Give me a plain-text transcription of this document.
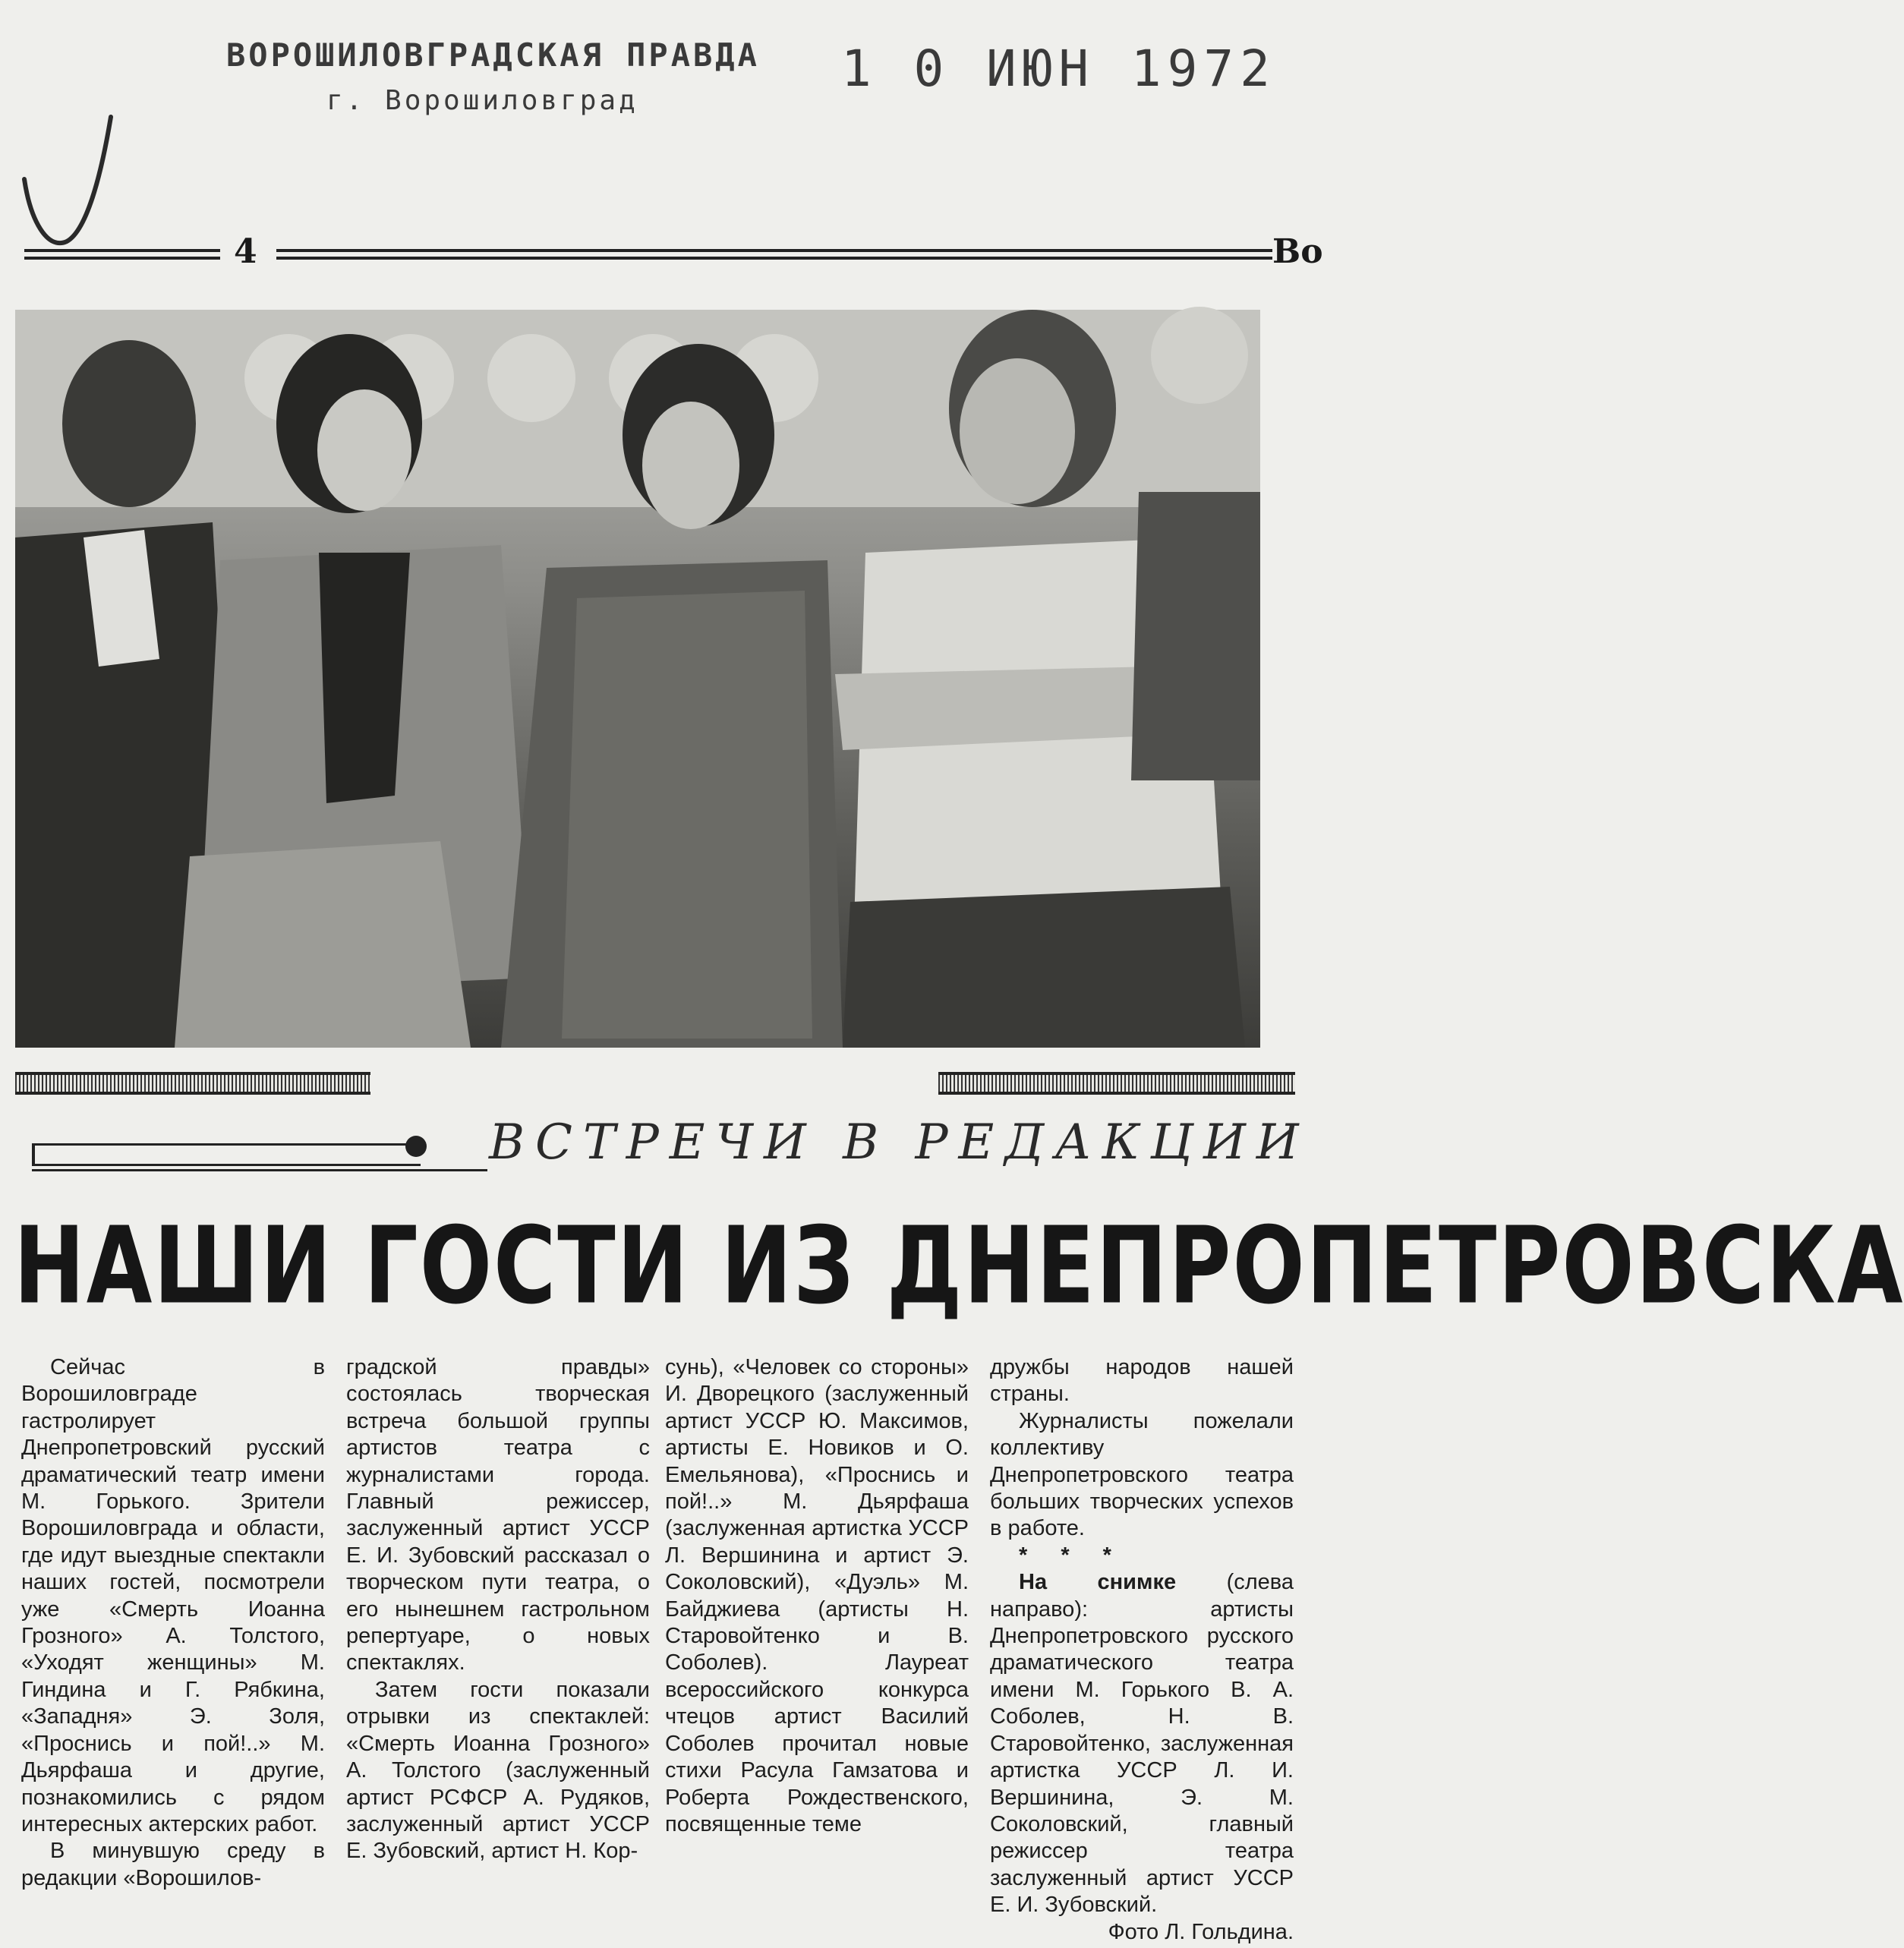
ВОРОШИЛОВГРАДСКАЯ ПРАВДА
г. Ворошиловград
1 0 ИЮН 1972
4	Во
ВСТРЕЧИ В РЕДАКЦИИ
НАШИ ГОСТИ ИЗ ДНЕПРОПЕТРОВСКА

Сейчас в Ворошиловграде гастролирует Днепропетровский русский драматический театр имени М. Горького. Зрители Ворошиловграда и области, где идут выездные спектакли наших гостей, посмотрели уже «Смерть Иоанна Грозного» А. Толстого, «Уходят женщины» М. Гиндина и Г. Рябкина, «Западня» Э. Золя, «Проснись и пой!..» М. Дьярфаша и другие, познакомились с рядом интересных актерских работ.

В минувшую среду в редакции «Ворошилов-

градской правды» состоялась творческая встреча большой группы артистов театра с журналистами города. Главный режиссер, заслуженный артист УССР Е. И. Зубовский рассказал о творческом пути театра, о его нынешнем гастрольном репертуаре, о новых спектаклях.

Затем гости показали отрывки из спектаклей: «Смерть Иоанна Грозного» А. Толстого (заслуженный артист РСФСР А. Рудяков, заслуженный артист УССР Е. Зубовский, артист Н. Кор-

сунь), «Человек со стороны» И. Дворецкого (заслуженный артист УССР Ю. Максимов, артисты Е. Новиков и О. Емельянова), «Проснись и пой!..» М. Дьярфаша (заслуженная артистка УССР Л. Вершинина и артист Э. Соколовский), «Дуэль» М. Байджиева (артисты Н. Старовойтенко и В. Соболев). Лауреат всероссийского конкурса чтецов артист Василий Соболев прочитал новые стихи Расула Гамзатова и Роберта Рождественского, посвященные теме

дружбы народов нашей страны.

Журналисты пожелали коллективу Днепропетровского театра больших творческих успехов в работе.

* * *

На снимке (слева направо): артисты Днепропетровского русского драматического театра имени М. Горького В. А. Соболев, Н. В. Старовойтенко, заслуженная артистка УССР Л. И. Вершинина, Э. М. Соколовский, главный режиссер театра заслуженный артист УССР Е. И. Зубовский.

Фото Л. Гольдина.
